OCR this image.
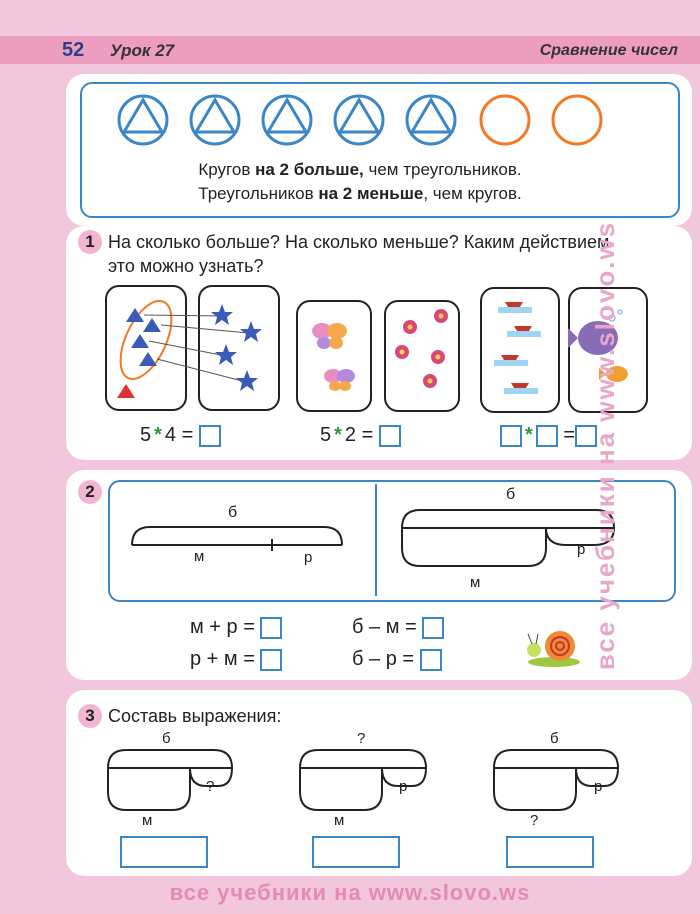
52 Урок 27	Сравнение чисел
Кругов на 2 больше, чем треугольников.
Треугольников на 2 меньше, чем кругов.
1 На сколько больше? На сколько меньше? Каким действием это можно узнать?
5 * 4 =	5 * 2 =	* =
2
б
м	р
б
м
р
м + р =
р + м =
б – м =
б – р =
3 Составь выражения:
б
?
м
?
р
м
б
р
?
все учебники на www.slovo.ws
все учебники на www.slovo.ws
